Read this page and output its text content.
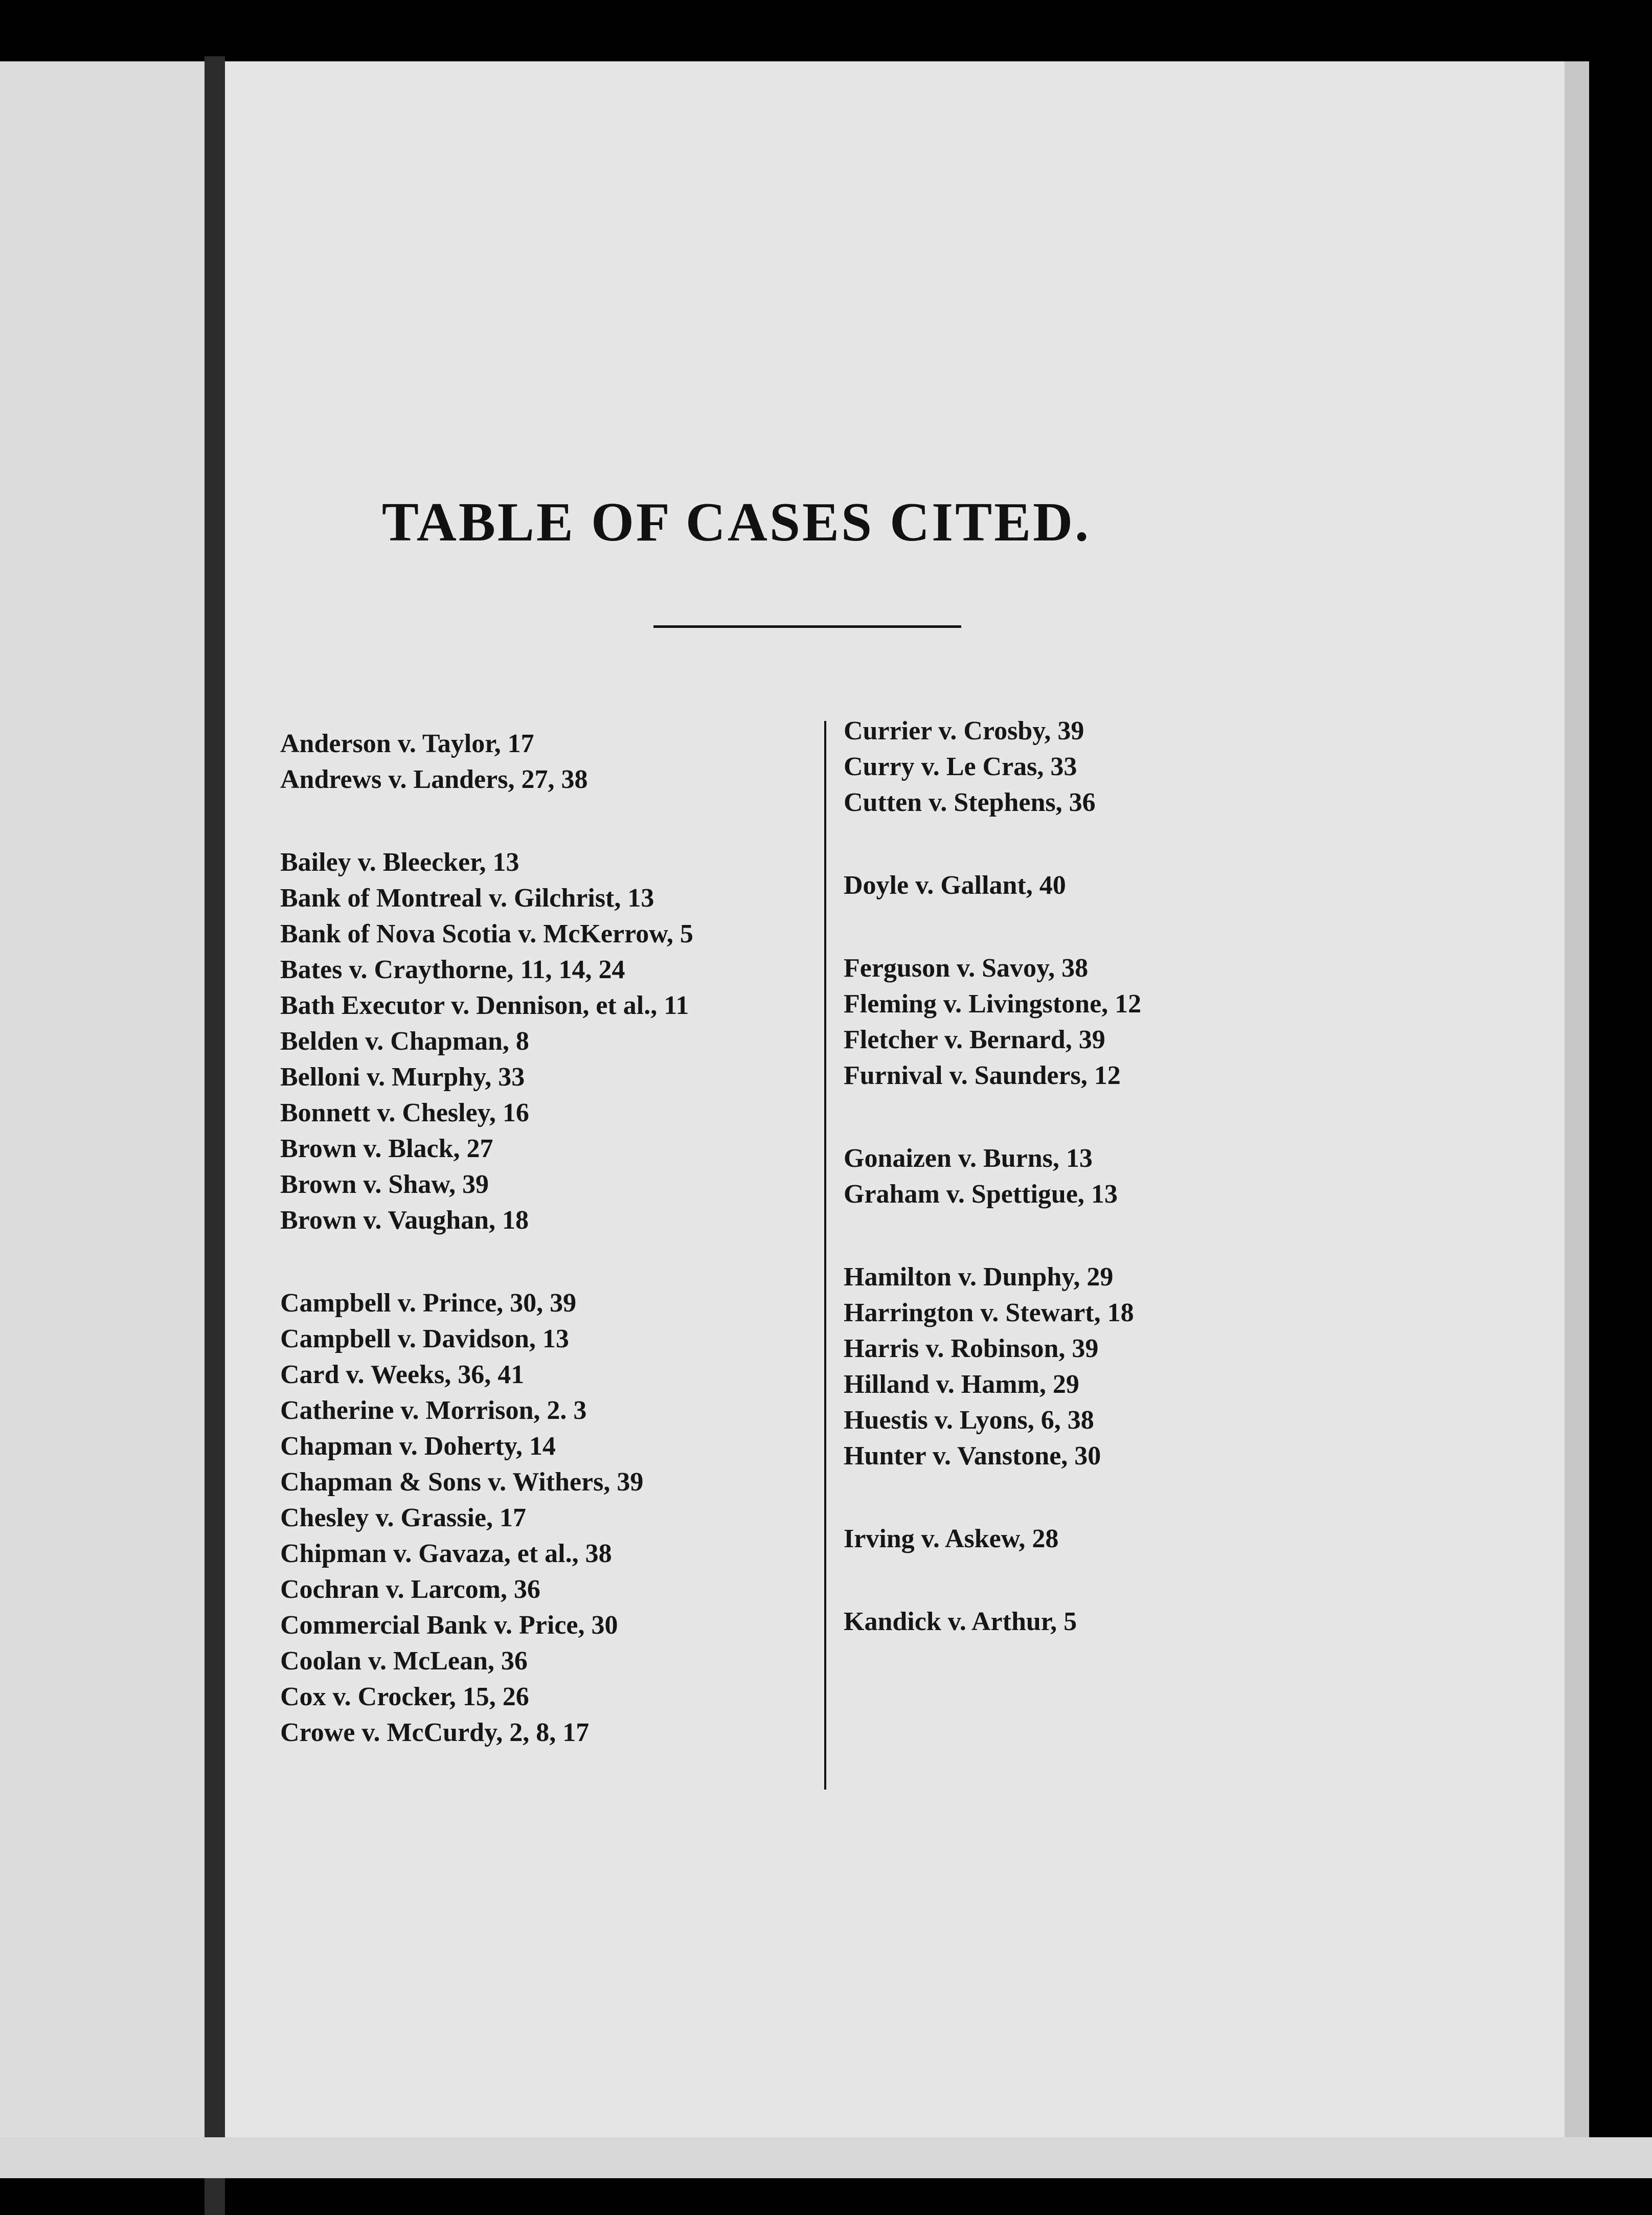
TABLE OF CASES CITED.
Anderson v. Taylor, 17
Andrews v. Landers, 27, 38
Bailey v. Bleecker, 13
Bank of Montreal v. Gilchrist, 13
Bank of Nova Scotia v. McKerrow, 5
Bates v. Craythorne, 11, 14, 24
Bath Executor v. Dennison, et al., 11
Belden v. Chapman, 8
Belloni v. Murphy, 33
Bonnett v. Chesley, 16
Brown v. Black, 27
Brown v. Shaw, 39
Brown v. Vaughan, 18
Campbell v. Prince, 30, 39
Campbell v. Davidson, 13
Card v. Weeks, 36, 41
Catherine v. Morrison, 2. 3
Chapman v. Doherty, 14
Chapman & Sons v. Withers, 39
Chesley v. Grassie, 17
Chipman v. Gavaza, et al., 38
Cochran v. Larcom, 36
Commercial Bank v. Price, 30
Coolan v. McLean, 36
Cox v. Crocker, 15, 26
Crowe v. McCurdy, 2, 8, 17
Currier v. Crosby, 39
Curry v. Le Cras, 33
Cutten v. Stephens, 36
Doyle v. Gallant, 40
Ferguson v. Savoy, 38
Fleming v. Livingstone, 12
Fletcher v. Bernard, 39
Furnival v. Saunders, 12
Gonaizen v. Burns, 13
Graham v. Spettigue, 13
Hamilton v. Dunphy, 29
Harrington v. Stewart, 18
Harris v. Robinson, 39
Hilland v. Hamm, 29
Huestis v. Lyons, 6, 38
Hunter v. Vanstone, 30
Irving v. Askew, 28
Kandick v. Arthur, 5
